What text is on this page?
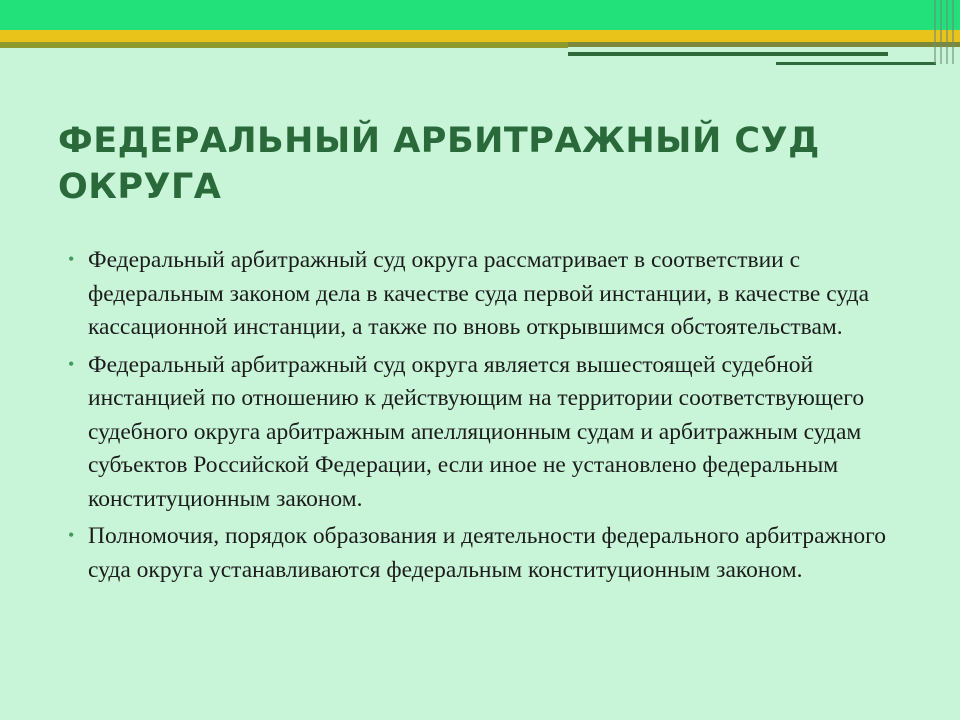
ФЕДЕРАЛЬНЫЙ АРБИТРАЖНЫЙ СУД ОКРУГА
• Федеральный арбитражный суд округа рассматривает в соответствии с федеральным законом дела в качестве суда первой инстанции, в качестве суда кассационной инстанции, а также по вновь открывшимся обстоятельствам.
• Федеральный арбитражный суд округа является вышестоящей судебной инстанцией по отношению к действующим на территории соответствующего судебного округа арбитражным апелляционным судам и арбитражным судам субъектов Российской Федерации, если иное не установлено федеральным конституционным законом.
• Полномочия, порядок образования и деятельности федерального арбитражного суда округа устанавливаются федеральным конституционным законом.
